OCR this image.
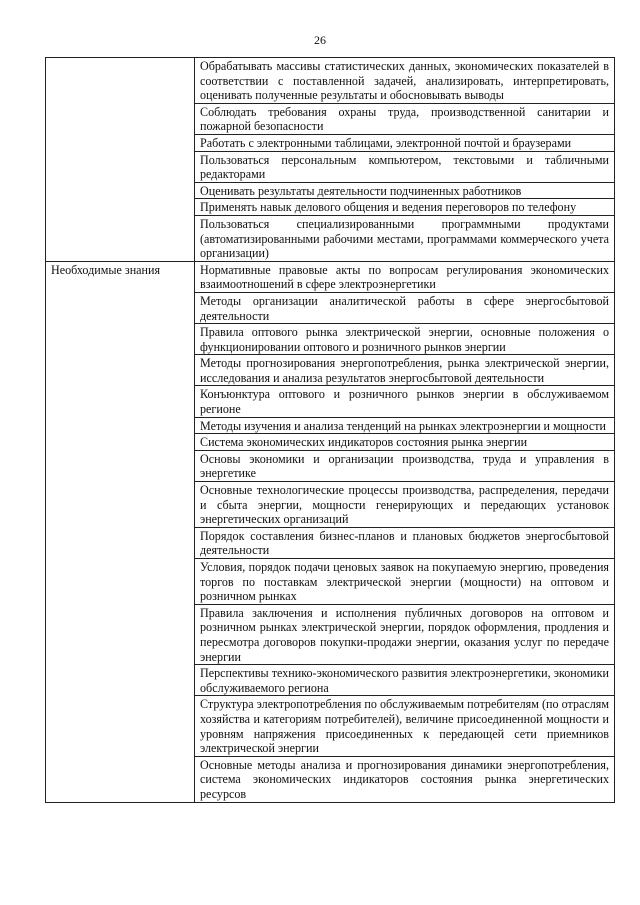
26
	Обрабатывать массивы статистических данных, экономических показателей в соответствии с поставленной задачей, анализировать, интерпретировать, оценивать полученные результаты и обосновывать выводы
	Соблюдать требования охраны труда, производственной санитарии и пожарной безопасности
	Работать с электронными таблицами, электронной почтой и браузерами
	Пользоваться персональным компьютером, текстовыми и табличными редакторами
	Оценивать результаты деятельности подчиненных работников
	Применять навык делового общения и ведения переговоров по телефону
	Пользоваться специализированными программными продуктами (автоматизированными рабочими местами, программами коммерческого учета организации)
Необходимые знания	Нормативные правовые акты по вопросам регулирования экономических взаимоотношений в сфере электроэнергетики
	Методы организации аналитической работы в сфере энергосбытовой деятельности
	Правила оптового рынка электрической энергии, основные положения о функционировании оптового и розничного рынков энергии
	Методы прогнозирования энергопотребления, рынка электрической энергии, исследования и анализа результатов энергосбытовой деятельности
	Конъюнктура оптового и розничного рынков энергии в обслуживаемом регионе
	Методы изучения и анализа тенденций на рынках электроэнергии и мощности
	Система экономических индикаторов состояния рынка энергии
	Основы экономики и организации производства, труда и управления в энергетике
	Основные технологические процессы производства, распределения, передачи и сбыта энергии, мощности генерирующих и передающих установок энергетических организаций
	Порядок составления бизнес-планов и плановых бюджетов энергосбытовой деятельности
	Условия, порядок подачи ценовых заявок на покупаемую энергию, проведения торгов по поставкам электрической энергии (мощности) на оптовом и розничном рынках
	Правила заключения и исполнения публичных договоров на оптовом и розничном рынках электрической энергии, порядок оформления, продления и пересмотра договоров покупки-продажи энергии, оказания услуг по передаче энергии
	Перспективы технико-экономического развития электроэнергетики, экономики обслуживаемого региона
	Структура электропотребления по обслуживаемым потребителям (по отраслям хозяйства и категориям потребителей), величине присоединенной мощности и уровням напряжения присоединенных к передающей сети приемников электрической энергии
	Основные методы анализа и прогнозирования динамики энергопотребления, система экономических индикаторов состояния рынка энергетических ресурсов
